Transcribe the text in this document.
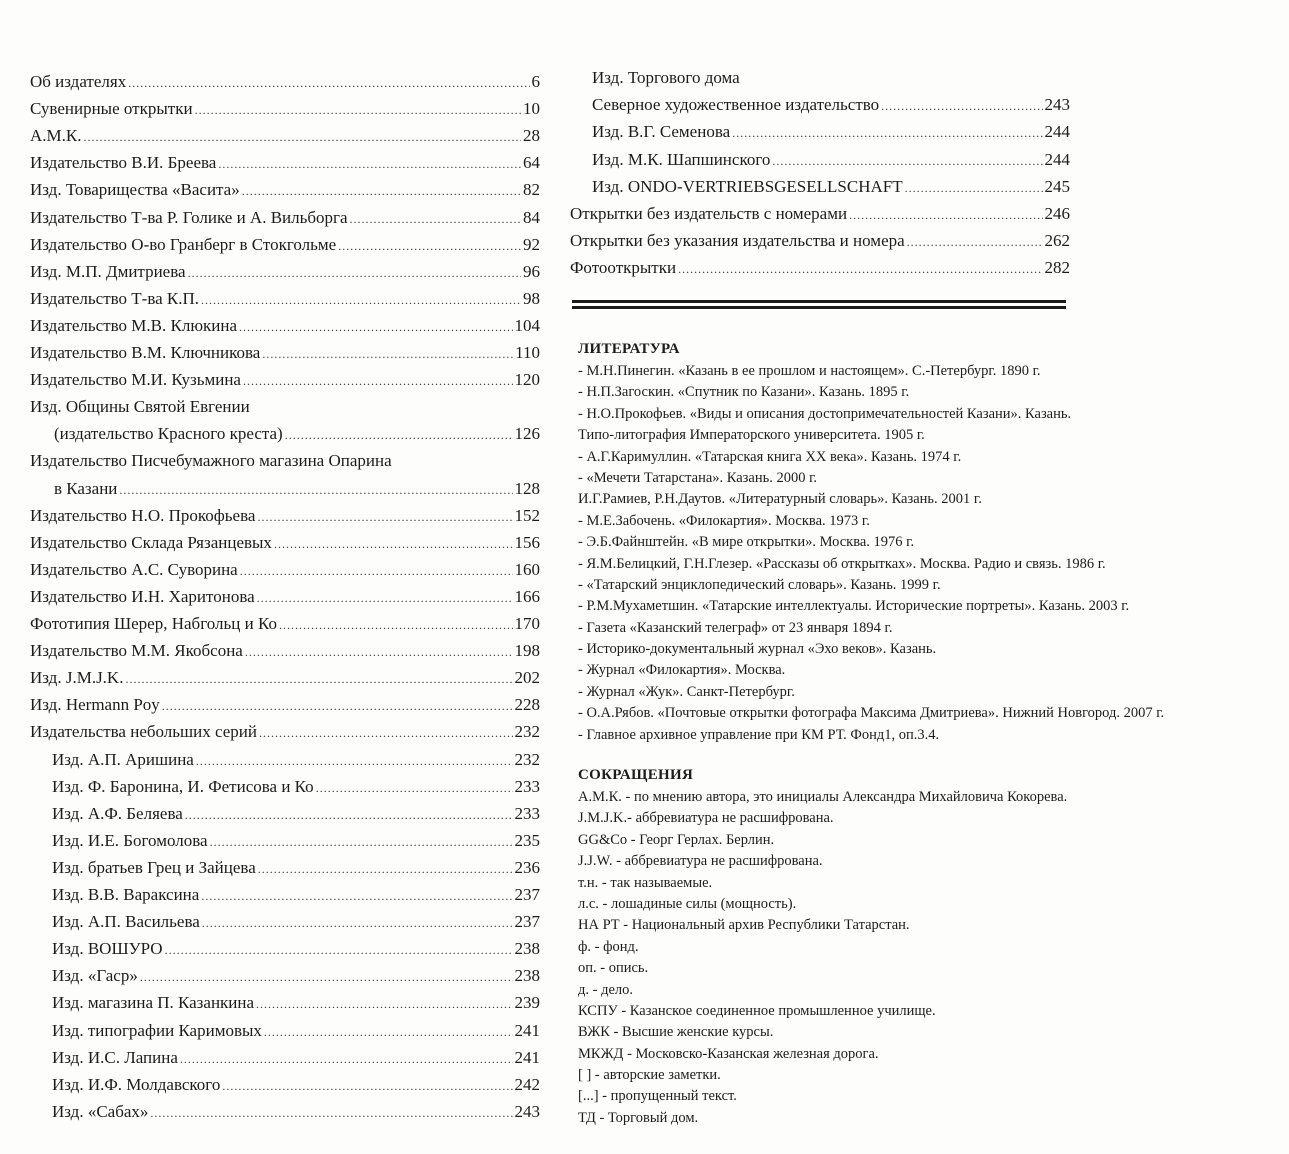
Об издателях .....	6
Сувенирные открытки .....	10
А.М.К. .....	28
Издательство В.И. Бреева .....	64
Изд. Товарищества «Васита» .....	82
Издательство Т-ва Р. Голике и А. Вильборга .....	84
Издательство О-во Гранберг в Стокгольме .....	92
Изд. М.П. Дмитриева .....	96
Издательство Т-ва К.П. .....	98
Издательство М.В. Клюкина .....	104
Издательство В.М. Ключникова .....	110
Издательство М.И. Кузьмина .....	120
Изд. Общины Святой Евгении
(издательство Красного креста) .....	126
Издательство Писчебумажного магазина Опарина
в Казани .....	128
Издательство Н.О. Прокофьева .....	152
Издательство Склада Рязанцевых .....	156
Издательство А.С. Суворина .....	160
Издательство И.Н. Харитонова .....	166
Фототипия Шерер, Набгольц и Ко .....	170
Издательство М.М. Якобсона .....	198
Изд. J.M.J.K. .....	202
Изд. Hermann Poy .....	228
Издательства небольших серий .....	232
Изд. А.П. Аришина .....	232
Изд. Ф. Баронина, И. Фетисова и Ко .....	233
Изд. А.Ф. Беляева .....	233
Изд. И.Е. Богомолова .....	235
Изд. братьев Грец и Зайцева .....	236
Изд. В.В. Вараксина .....	237
Изд. А.П. Васильева .....	237
Изд. ВОШУРО .....	238
Изд. «Гаср» .....	238
Изд. магазина П. Казанкина .....	239
Изд. типографии Каримовых .....	241
Изд. И.С. Лапина .....	241
Изд. И.Ф. Молдавского .....	242
Изд. «Сабах» .....	243
Изд. Торгового дома
Северное художественное издательство .....	243
Изд. В.Г. Семенова .....	244
Изд. М.К. Шапшинского .....	244
Изд. ONDO-VERTRIEBSGESELLSCHAFT .....	245
Открытки без издательств с номерами .....	246
Открытки без указания издательства и номера .....	262
Фотооткрытки .....	282
ЛИТЕРАТУРА
- М.Н.Пинегин. «Казань в ее прошлом и настоящем». С.-Петербург. 1890 г.
- Н.П.Загоскин. «Спутник по Казани». Казань. 1895 г.
- Н.О.Прокофьев. «Виды и описания достопримечательностей Казани». Казань.
Типо-литография Императорского университета. 1905 г.
- А.Г.Каримуллин. «Татарская книга XX века». Казань. 1974 г.
- «Мечети Татарстана». Казань. 2000 г.
И.Г.Рамиев, Р.Н.Даутов. «Литературный словарь». Казань. 2001 г.
- М.Е.Забочень. «Филокартия». Москва. 1973 г.
- Э.Б.Файнштейн. «В мире открытки». Москва. 1976 г.
- Я.М.Белицкий, Г.Н.Глезер. «Рассказы об открытках». Москва. Радио и связь. 1986 г.
- «Татарский энциклопедический словарь». Казань. 1999 г.
- Р.М.Мухаметшин. «Татарские интеллектуалы. Исторические портреты». Казань. 2003 г.
- Газета «Казанский телеграф» от 23 января 1894 г.
- Историко-документальный журнал «Эхо веков». Казань.
- Журнал «Филокартия». Москва.
- Журнал «Жук». Санкт-Петербург.
- О.А.Рябов. «Почтовые открытки фотографа Максима Дмитриева». Нижний Новгород. 2007 г.
- Главное архивное управление при КМ РТ. Фонд1, оп.3.4.
СОКРАЩЕНИЯ
А.М.К. - по мнению автора, это инициалы Александра Михайловича Кокорева.
J.M.J.K.- аббревиатура не расшифрована.
GG&Co - Георг Герлах. Берлин.
J.J.W. - аббревиатура не расшифрована.
т.н. - так называемые.
л.с. - лошадиные силы (мощность).
НА РТ - Национальный архив Республики Татарстан.
ф. - фонд.
оп. - опись.
д. - дело.
КСПУ - Казанское соединенное промышленное училище.
ВЖК - Высшие женские курсы.
МКЖД - Московско-Казанская железная дорога.
[ ] - авторские заметки.
[...] - пропущенный текст.
ТД - Торговый дом.
